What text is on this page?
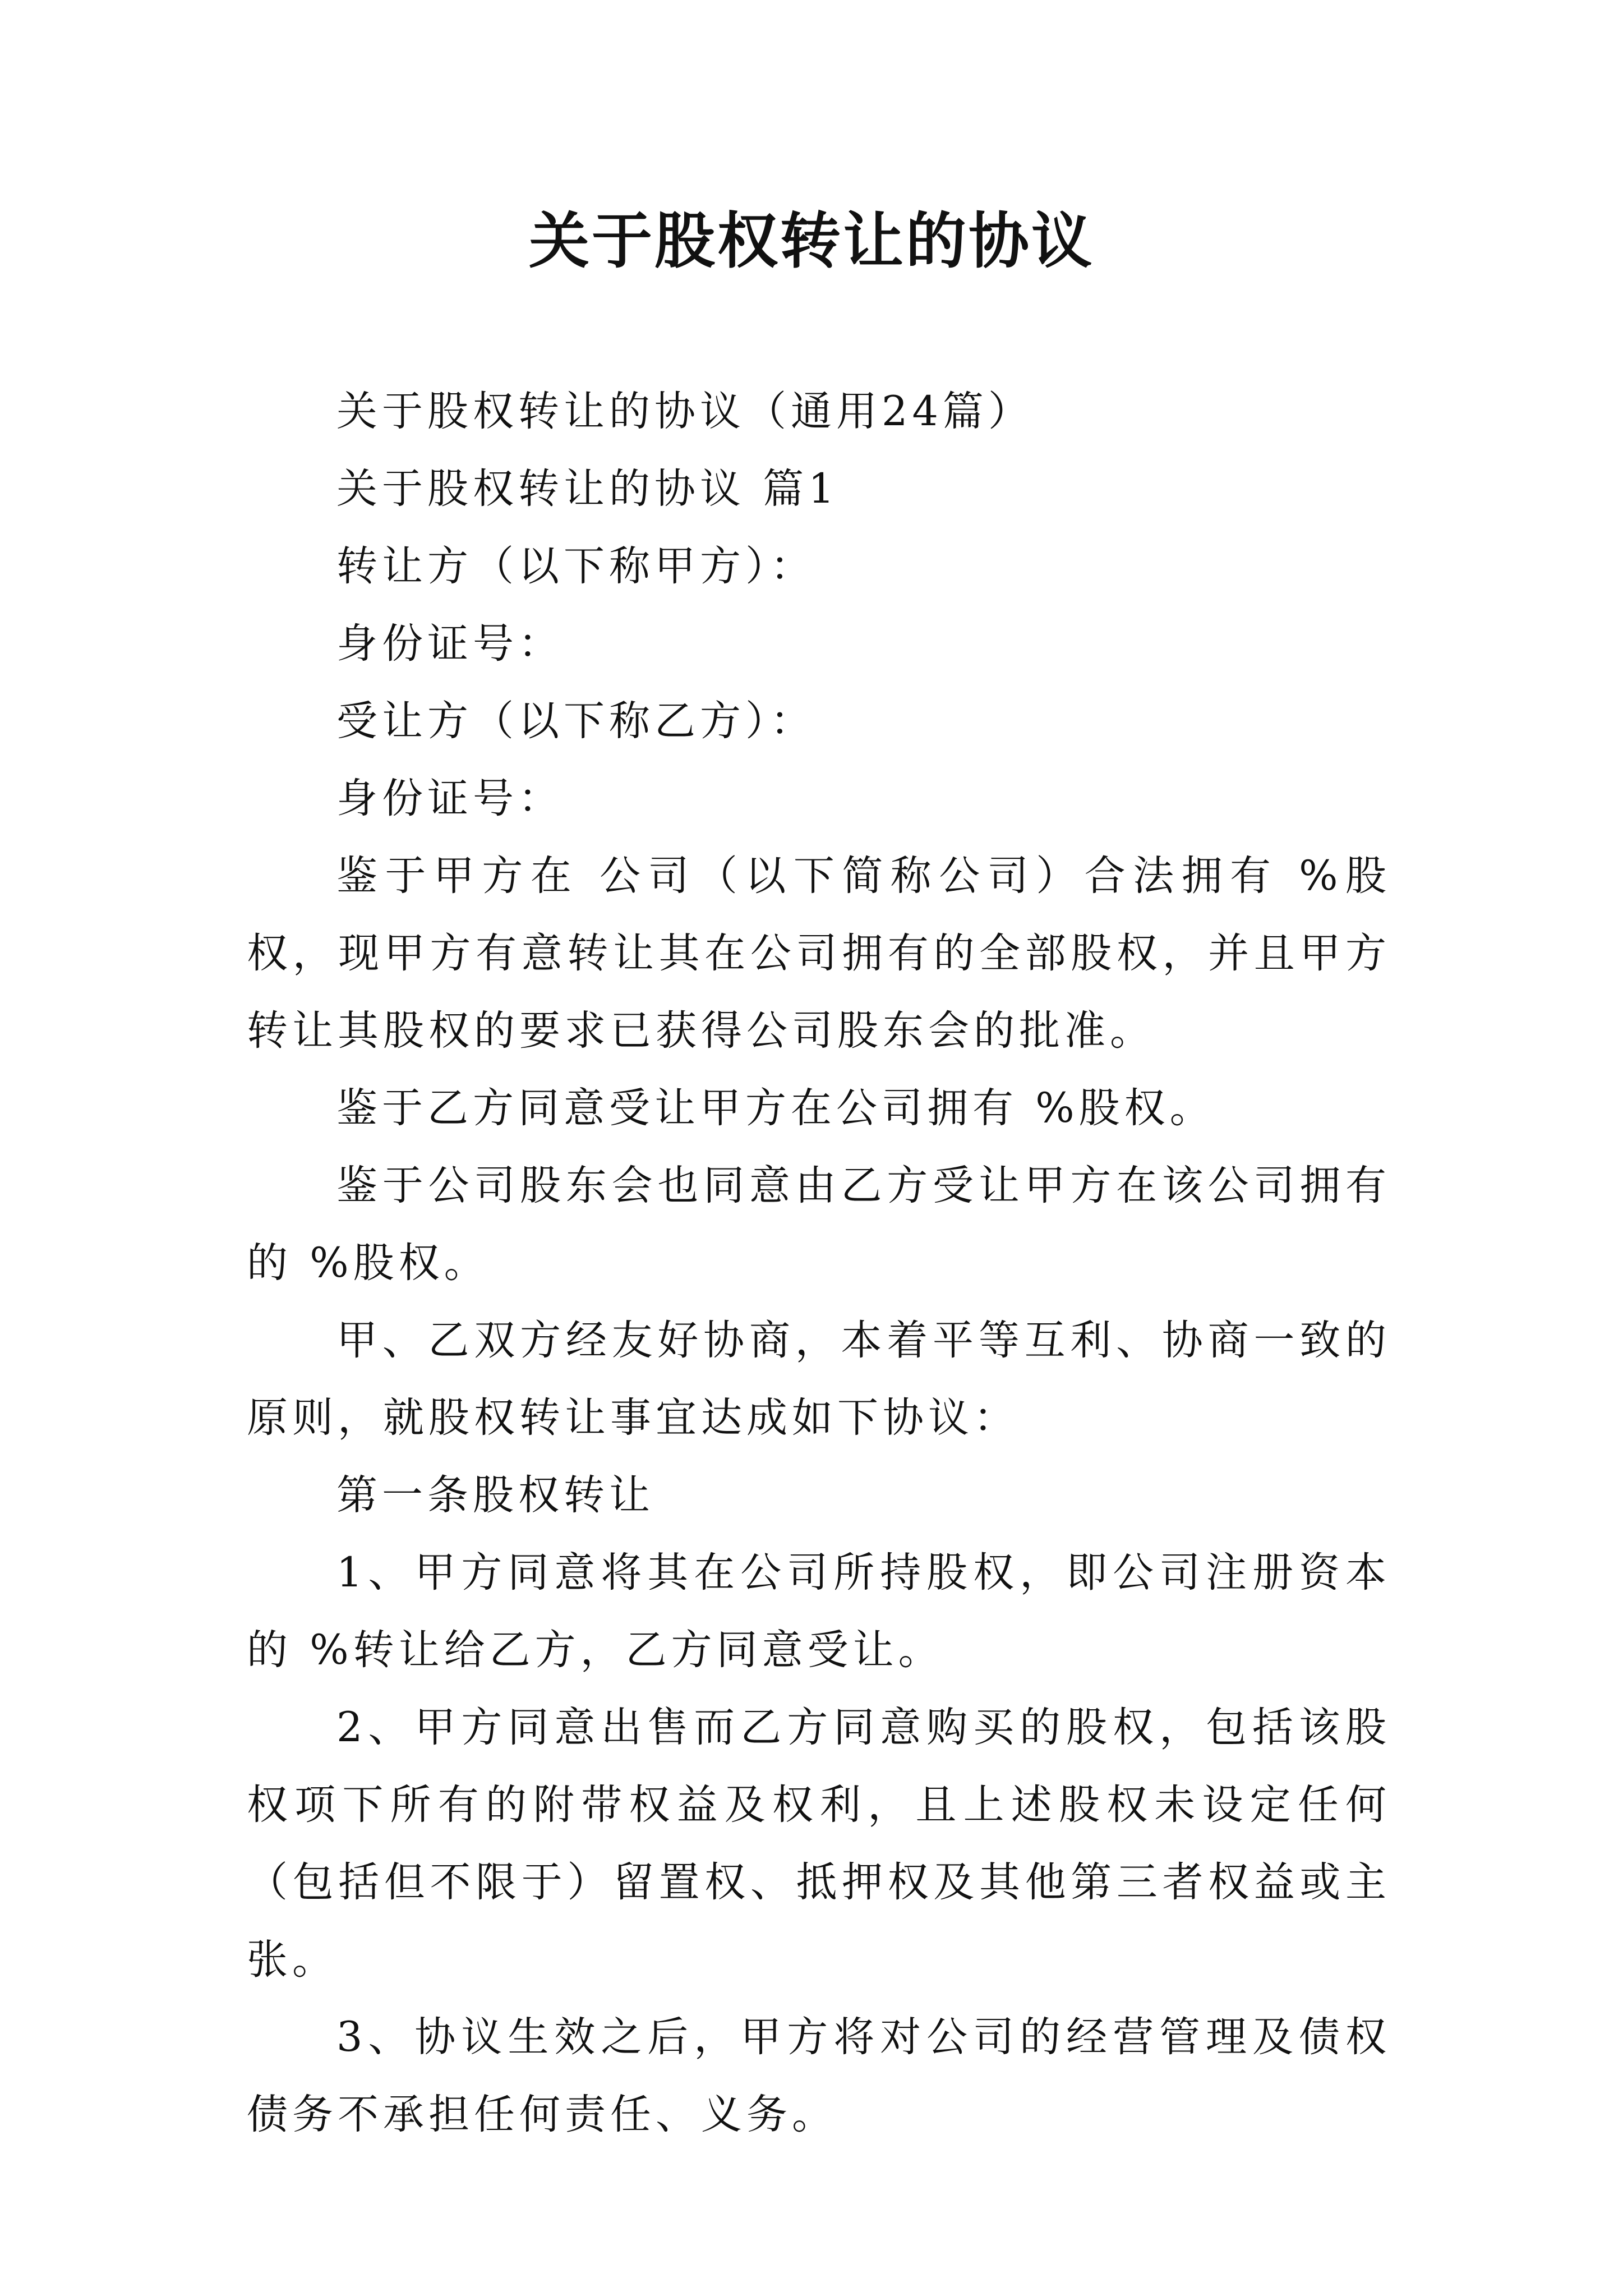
关于股权转让的协议

关于股权转让的协议（通用24篇）

关于股权转让的协议 篇1

转让方（以下称甲方）：

身份证号：

受让方（以下称乙方）：

身份证号：

鉴于甲方在 公司（以下简称公司）合法拥有 %股权，现甲方有意转让其在公司拥有的全部股权，并且甲方转让其股权的要求已获得公司股东会的批准。

鉴于乙方同意受让甲方在公司拥有 %股权。

鉴于公司股东会也同意由乙方受让甲方在该公司拥有的 %股权。

甲、乙双方经友好协商，本着平等互利、协商一致的原则，就股权转让事宜达成如下协议：

第一条股权转让

1、甲方同意将其在公司所持股权，即公司注册资本的 %转让给乙方，乙方同意受让。

2、甲方同意出售而乙方同意购买的股权，包括该股权项下所有的附带权益及权利，且上述股权未设定任何（包括但不限于）留置权、抵押权及其他第三者权益或主张。

3、协议生效之后，甲方将对公司的经营管理及债权债务不承担任何责任、义务。
